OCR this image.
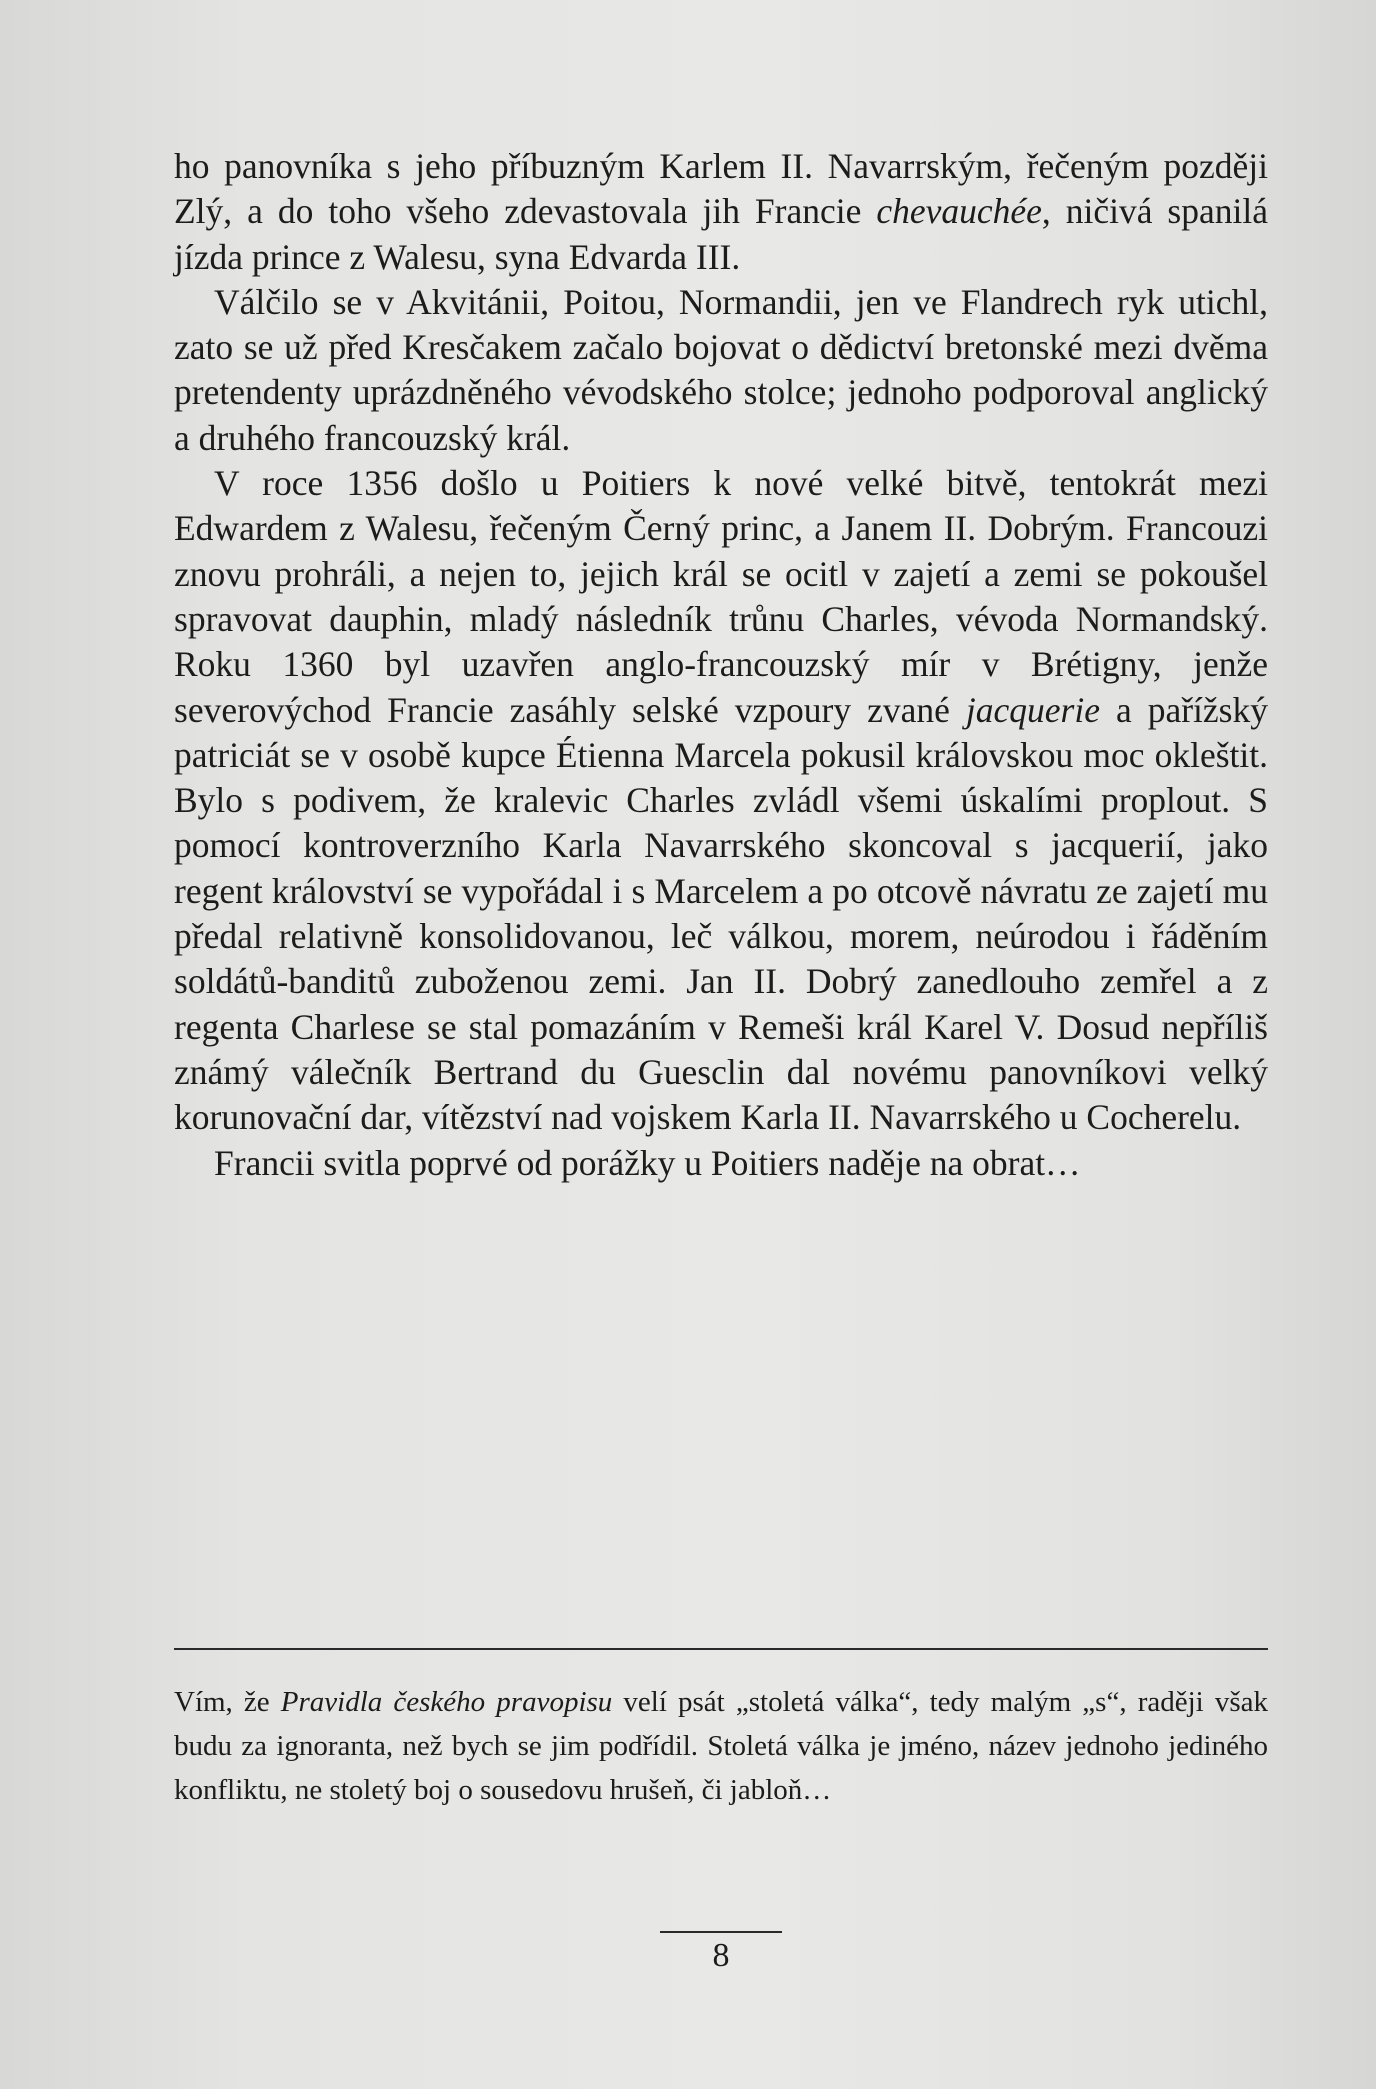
ho panovníka s jeho příbuzným Karlem II. Navarrským, řečeným později Zlý, a do toho všeho zdevastovala jih Francie chevauchée, ničivá spanilá jízda prince z Walesu, syna Edvarda III.

Válčilo se v Akvitánii, Poitou, Normandii, jen ve Flandrech ryk utichl, zato se už před Kresčakem začalo bojovat o dědictví bretonské mezi dvěma pretendenty uprázdněného vévodského stolce; jednoho podporoval anglický a druhého francouzský král.

V roce 1356 došlo u Poitiers k nové velké bitvě, tentokrát mezi Edwardem z Walesu, řečeným Černý princ, a Janem II. Dobrým. Francouzi znovu prohráli, a nejen to, jejich král se ocitl v zajetí a zemi se pokoušel spravovat dauphin, mladý následník trůnu Charles, vévoda Normandský. Roku 1360 byl uzavřen anglo-francouzský mír v Brétigny, jenže severovýchod Francie zasáhly selské vzpoury zvané jacquerie a pařížský patriciát se v osobě kupce Étienna Marcela pokusil královskou moc okleštit. Bylo s podivem, že kralevic Charles zvládl všemi úskalími proplout. S pomocí kontroverzního Karla Navarrského skoncoval s jacquerií, jako regent království se vypořádal i s Marcelem a po otcově návratu ze zajetí mu předal relativně konsolidovanou, leč válkou, morem, neúrodou i řáděním soldátů-banditů zuboženou zemi. Jan II. Dobrý zanedlouho zemřel a z regenta Charlese se stal pomazáním v Remeši král Karel V. Dosud nepříliš známý válečník Bertrand du Guesclin dal novému panovníkovi velký korunovační dar, vítězství nad vojskem Karla II. Navarrského u Cocherelu.

Francii svitla poprvé od porážky u Poitiers naděje na obrat…

Vím, že Pravidla českého pravopisu velí psát „stoletá válka“, tedy malým „s“, raději však budu za ignoranta, než bych se jim podřídil. Stoletá válka je jméno, název jednoho jediného konfliktu, ne stoletý boj o sousedovu hrušeň, či jabloň…

8
